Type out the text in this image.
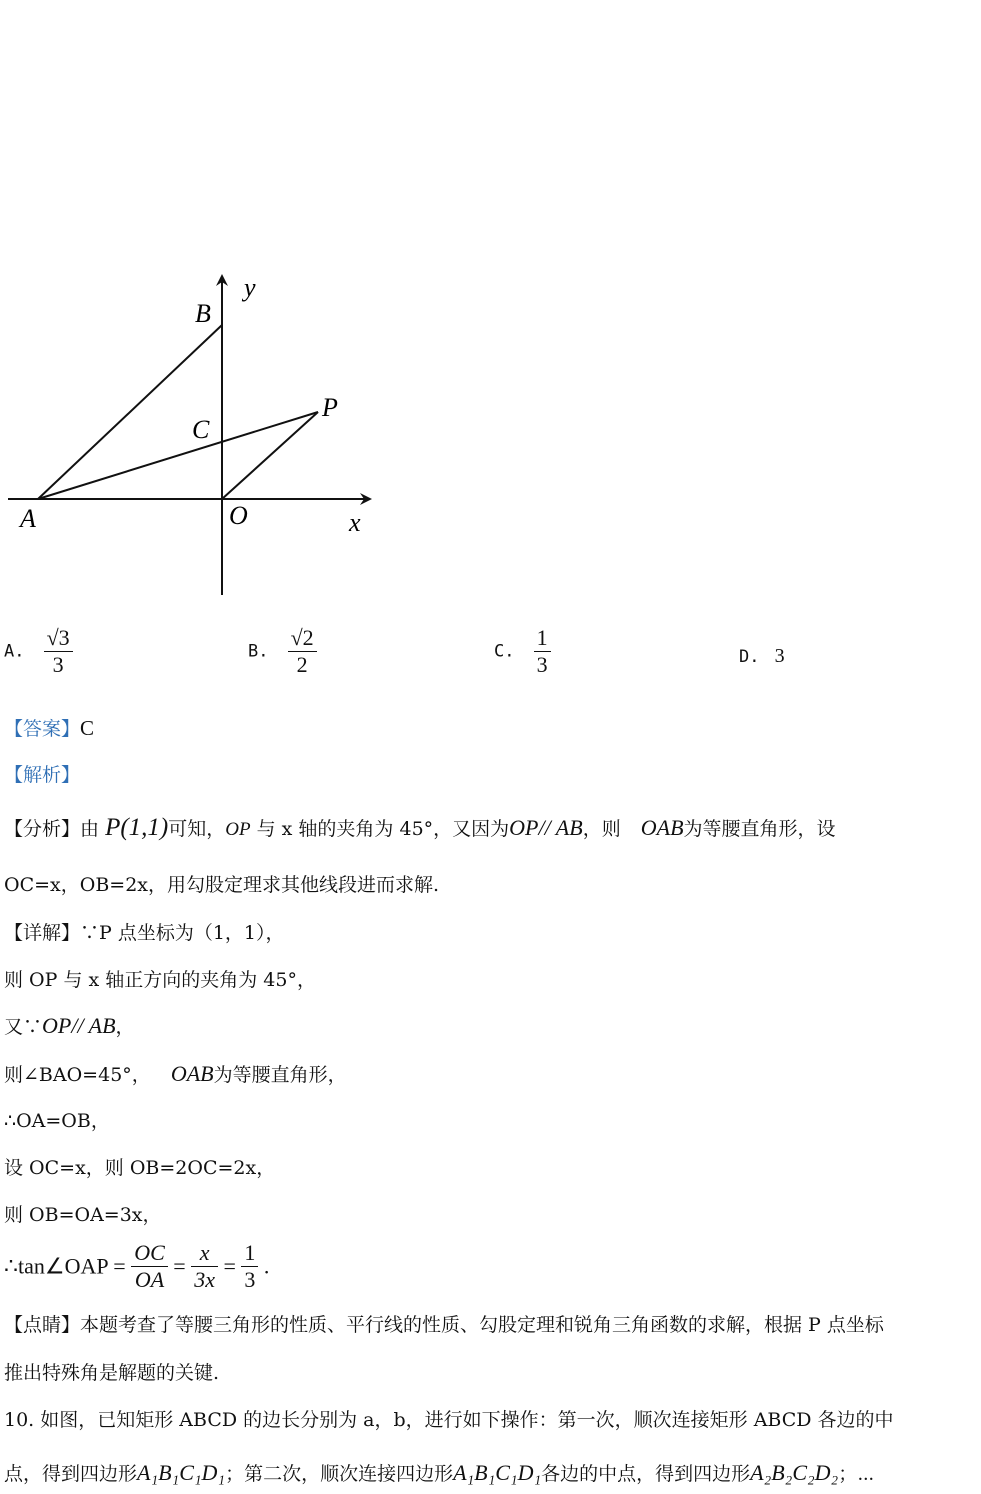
y
B
P
C
A	O	x
A. $\frac{√3}{3}$	B. $\frac{√2}{2}$	C. $\frac{1}{3}$	D. 3
【答案】C
【解析】
【分析】由 P(1,1)可知，OP 与 x 轴的夹角为 45°，又因为OP// AB，则 OAB为等腰直角形，设
OC=x，OB=2x，用勾股定理求其他线段进而求解.
【详解】∵P 点坐标为（1，1），
则 OP 与 x 轴正方向的夹角为 45°，
又∵OP// AB，
则∠BAO=45°， OAB为等腰直角形，
∴OA=OB，
设 OC=x，则 OB=2OC=2x，
则 OB=OA=3x，
∴tan∠OAP = $\frac{OC}{OA} = \frac{x}{3x} = \frac{1}{3}$ .
【点睛】本题考查了等腰三角形的性质、平行线的性质、勾股定理和锐角三角函数的求解，根据 P 点坐标
推出特殊角是解题的关键.
10. 如图，已知矩形 ABCD 的边长分别为 a，b，进行如下操作：第一次，顺次连接矩形 ABCD 各边的中
点，得到四边形A₁B₁C₁D₁；第二次，顺次连接四边形A₁B₁C₁D₁各边的中点，得到四边形A₂B₂C₂D₂；⋯
